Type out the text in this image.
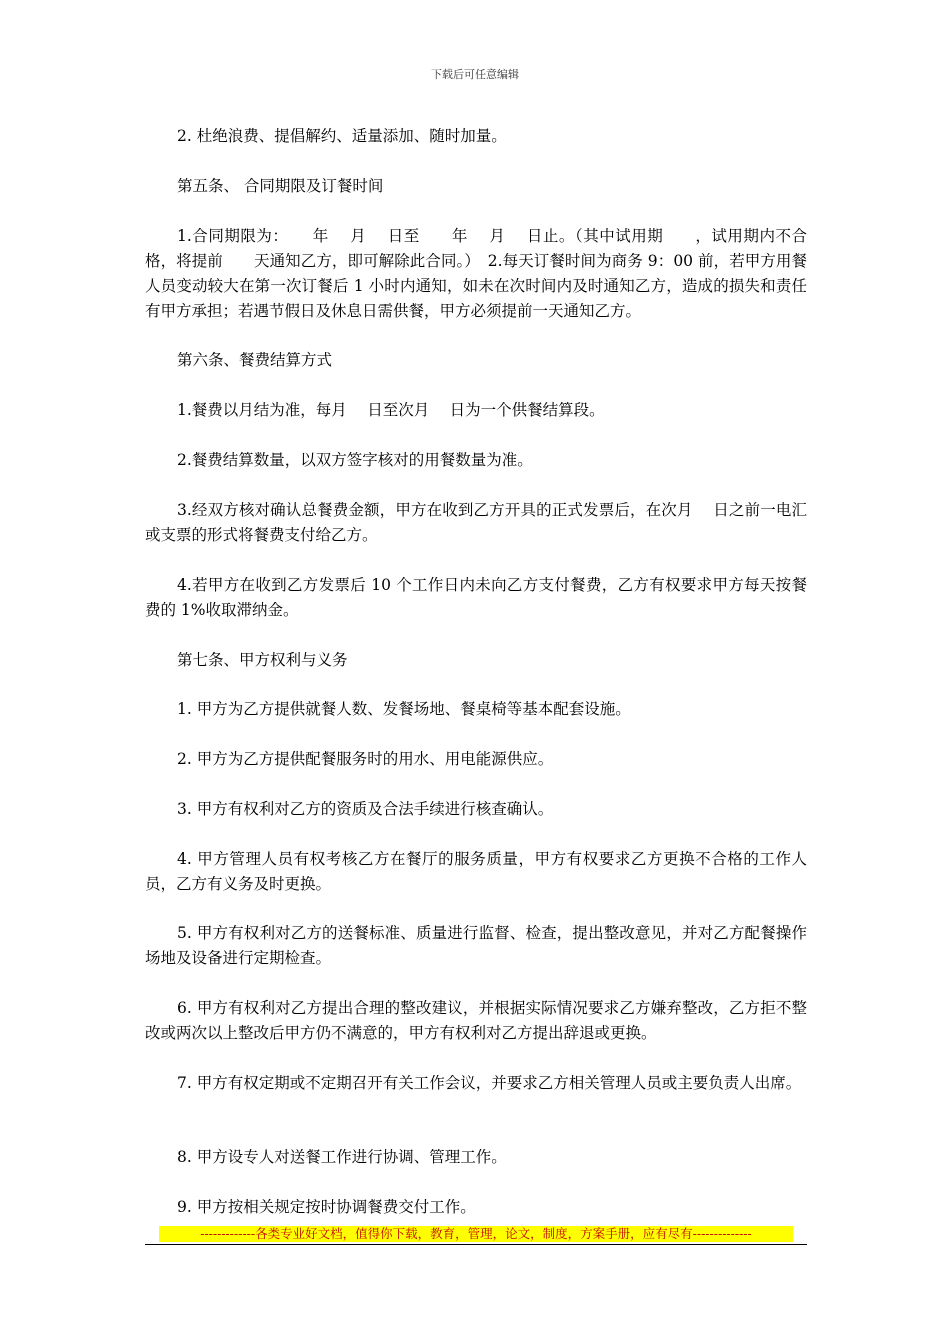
下载后可任意编辑

2. 杜绝浪费、提倡解约、适量添加、随时加量。

第五条、 合同期限及订餐时间

1.合同期限为：　　年　 月　 日至　　年　 月　 日止。（其中试用期　　，试用期内不合格，将提前　　天通知乙方，即可解除此合同。）　2.每天订餐时间为商务 9：00 前，若甲方用餐人员变动较大在第一次订餐后 1 小时内通知，如未在次时间内及时通知乙方，造成的损失和责任有甲方承担；若遇节假日及休息日需供餐，甲方必须提前一天通知乙方。

第六条、餐费结算方式

1.餐费以月结为准，每月　 日至次月　 日为一个供餐结算段。

2.餐费结算数量，以双方签字核对的用餐数量为准。

3.经双方核对确认总餐费金额，甲方在收到乙方开具的正式发票后，在次月　 日之前一电汇或支票的形式将餐费支付给乙方。

4.若甲方在收到乙方发票后 10 个工作日内未向乙方支付餐费，乙方有权要求甲方每天按餐费的 1%收取滞纳金。

第七条、甲方权利与义务

1. 甲方为乙方提供就餐人数、发餐场地、餐桌椅等基本配套设施。

2. 甲方为乙方提供配餐服务时的用水、用电能源供应。

3. 甲方有权利对乙方的资质及合法手续进行核查确认。

4. 甲方管理人员有权考核乙方在餐厅的服务质量，甲方有权要求乙方更换不合格的工作人员，乙方有义务及时更换。

5. 甲方有权利对乙方的送餐标准、质量进行监督、检查，提出整改意见，并对乙方配餐操作场地及设备进行定期检查。

6. 甲方有权利对乙方提出合理的整改建议，并根据实际情况要求乙方嫌弃整改，乙方拒不整改或两次以上整改后甲方仍不满意的，甲方有权利对乙方提出辞退或更换。

7. 甲方有权定期或不定期召开有关工作会议，并要求乙方相关管理人员或主要负责人出席。

8. 甲方设专人对送餐工作进行协调、管理工作。

9. 甲方按相关规定按时协调餐费交付工作。

-------------各类专业好文档，值得你下载，教育，管理，论文，制度，方案手册，应有尽有--------------
